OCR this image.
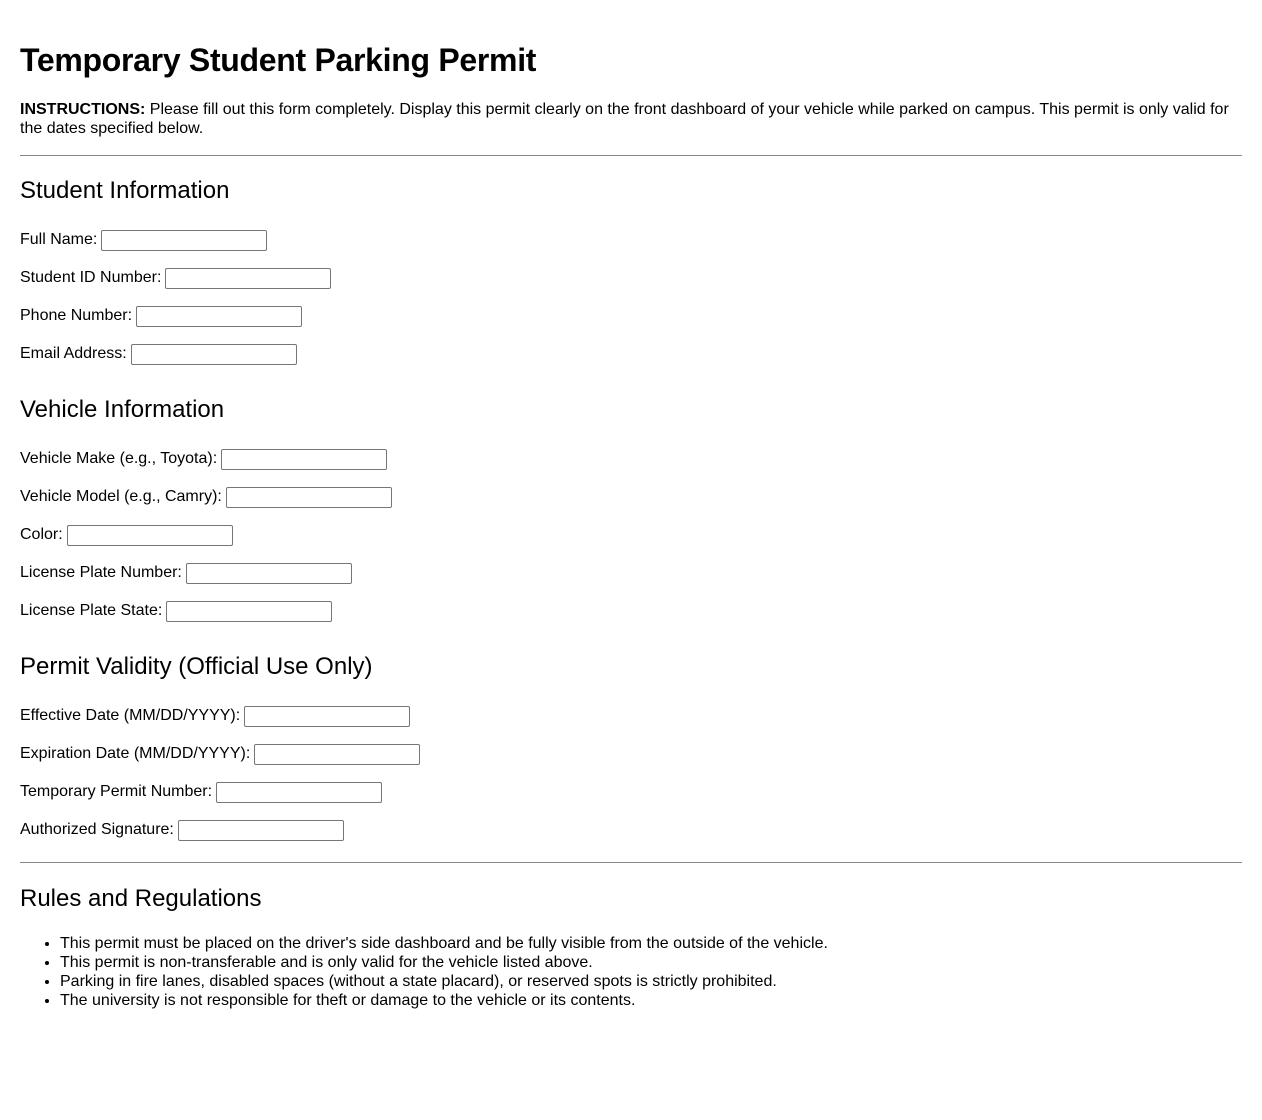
Temporary Student Parking Permit

INSTRUCTIONS: Please fill out this form completely. Display this permit clearly on the front dashboard of your vehicle while parked on campus. This permit is only valid for the dates specified below.

Student Information
Full Name:
Student ID Number:
Phone Number:
Email Address:
Vehicle Information
Vehicle Make (e.g., Toyota):
Vehicle Model (e.g., Camry):
Color:
License Plate Number:
License Plate State:
Permit Validity (Official Use Only)
Effective Date (MM/DD/YYYY):
Expiration Date (MM/DD/YYYY):
Temporary Permit Number:
Authorized Signature:
Rules and Regulations
• This permit must be placed on the driver's side dashboard and be fully visible from the outside of the vehicle.
• This permit is non-transferable and is only valid for the vehicle listed above.
• Parking in fire lanes, disabled spaces (without a state placard), or reserved spots is strictly prohibited.
• The university is not responsible for theft or damage to the vehicle or its contents.
